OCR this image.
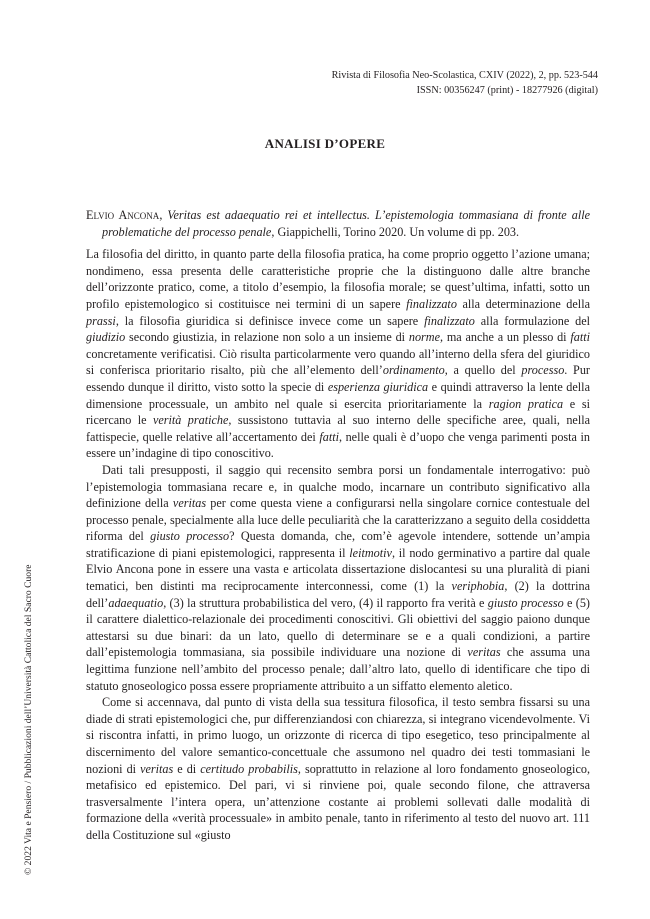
Rivista di Filosofia Neo-Scolastica, CXIV (2022), 2, pp. 523-544
ISSN: 00356247 (print) - 18277926 (digital)
ANALISI D’OPERE
Elvio Ancona, Veritas est adaequatio rei et intellectus. L’epistemologia tommasiana di fronte alle problematiche del processo penale, Giappichelli, Torino 2020. Un volume di pp. 203.

La filosofia del diritto, in quanto parte della filosofia pratica, ha come proprio oggetto l’azione umana; nondimeno, essa presenta delle caratteristiche proprie che la distinguono dalle altre branche dell’orizzonte pratico, come, a titolo d’esempio, la filosofia morale; se quest’ultima, infatti, sotto un profilo epistemologico si costituisce nei termini di un sapere finalizzato alla determinazione della prassi, la filosofia giuridica si definisce invece come un sapere finalizzato alla formulazione del giudizio secondo giustizia, in relazione non solo a un insieme di norme, ma anche a un plesso di fatti concretamente verificatisi. Ciò risulta particolarmente vero quando all’interno della sfera del giuridico si conferisca prioritario risalto, più che all’elemento dell’ordinamento, a quello del processo. Pur essendo dunque il diritto, visto sotto la specie di esperienza giuridica e quindi attraverso la lente della dimensione processuale, un ambito nel quale si esercita prioritariamente la ragion pratica e si ricercano le verità pratiche, sussistono tuttavia al suo interno delle specifiche aree, quali, nella fattispecie, quelle relative all’accertamento dei fatti, nelle quali è d’uopo che venga parimenti posta in essere un’indagine di tipo conoscitivo.

Dati tali presupposti, il saggio qui recensito sembra porsi un fondamentale interrogativo: può l’epistemologia tommasiana recare e, in qualche modo, incarnare un contributo significativo alla definizione della veritas per come questa viene a configurarsi nella singolare cornice contestuale del processo penale, specialmente alla luce delle peculiarità che la caratterizzano a seguito della cosiddetta riforma del giusto processo? Questa domanda, che, com’è agevole intendere, sottende un’ampia stratificazione di piani epistemologici, rappresenta il leitmotiv, il nodo germinativo a partire dal quale Elvio Ancona pone in essere una vasta e articolata dissertazione dislocantesi su una pluralità di piani tematici, ben distinti ma reciprocamente interconnessi, come (1) la veriphobia, (2) la dottrina dell’adaequatio, (3) la struttura probabilistica del vero, (4) il rapporto fra verità e giusto processo e (5) il carattere dialettico-relazionale dei procedimenti conoscitivi. Gli obiettivi del saggio paiono dunque attestarsi su due binari: da un lato, quello di determinare se e a quali condizioni, a partire dall’epistemologia tommasiana, sia possibile individuare una nozione di veritas che assuma una legittima funzione nell’ambito del processo penale; dall’altro lato, quello di identificare che tipo di statuto gnoseologico possa essere propriamente attribuito a un siffatto elemento aletico.

Come si accennava, dal punto di vista della sua tessitura filosofica, il testo sembra fissarsi su una diade di strati epistemologici che, pur differenziandosi con chiarezza, si integrano vicendevolmente. Vi si riscontra infatti, in primo luogo, un orizzonte di ricerca di tipo esegetico, teso principalmente al discernimento del valore semantico-concettuale che assumono nel quadro dei testi tommasiani le nozioni di veritas e di certitudo probabilis, soprattutto in relazione al loro fondamento gnoseologico, metafisico ed epistemico. Del pari, vi si rinviene poi, quale secondo filone, che attraversa trasversalmente l’intera opera, un’attenzione costante ai problemi sollevati dalle modalità di formazione della «verità processuale» in ambito penale, tanto in riferimento al testo del nuovo art. 111 della Costituzione sul «giusto

© 2022 Vita e Pensiero / Pubblicazioni dell’Università Cattolica del Sacro Cuore
